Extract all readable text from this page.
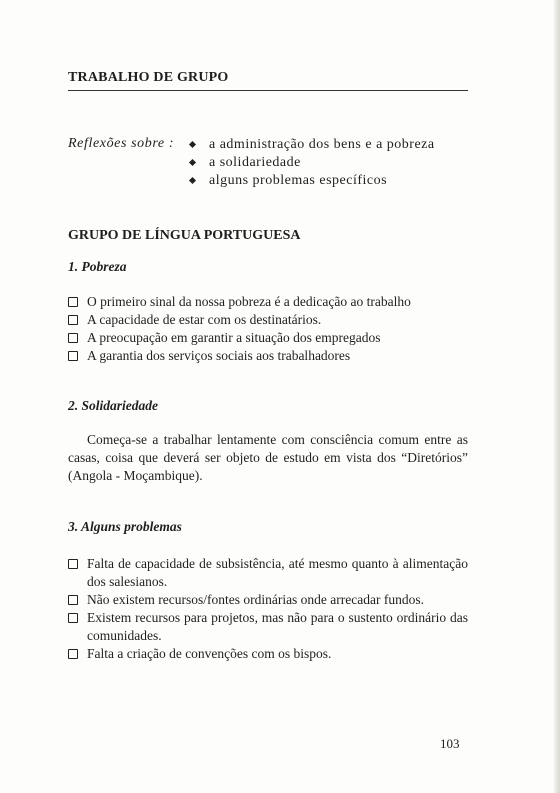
TRABALHO DE GRUPO
Reflexões sobre :	a administração dos bens e a pobreza
a solidariedade
alguns problemas específicos
GRUPO DE LÍNGUA PORTUGUESA
1. Pobreza
O primeiro sinal da nossa pobreza é a dedicação ao trabalho
A capacidade de estar com os destinatários.
A preocupação em garantir a situação dos empregados
A garantia dos serviços sociais aos trabalhadores
2. Solidariedade

Começa-se a trabalhar lentamente com consciência comum entre as casas, coisa que deverá ser objeto de estudo em vista dos “Diretórios” (Angola - Moçambique).

3. Alguns problemas
Falta de capacidade de subsistência, até mesmo quanto à alimentação dos salesianos.
Não existem recursos/fontes ordinárias onde arrecadar fundos.
Existem recursos para projetos, mas não para o sustento ordinário das comunidades.
Falta a criação de convenções com os bispos.
103
